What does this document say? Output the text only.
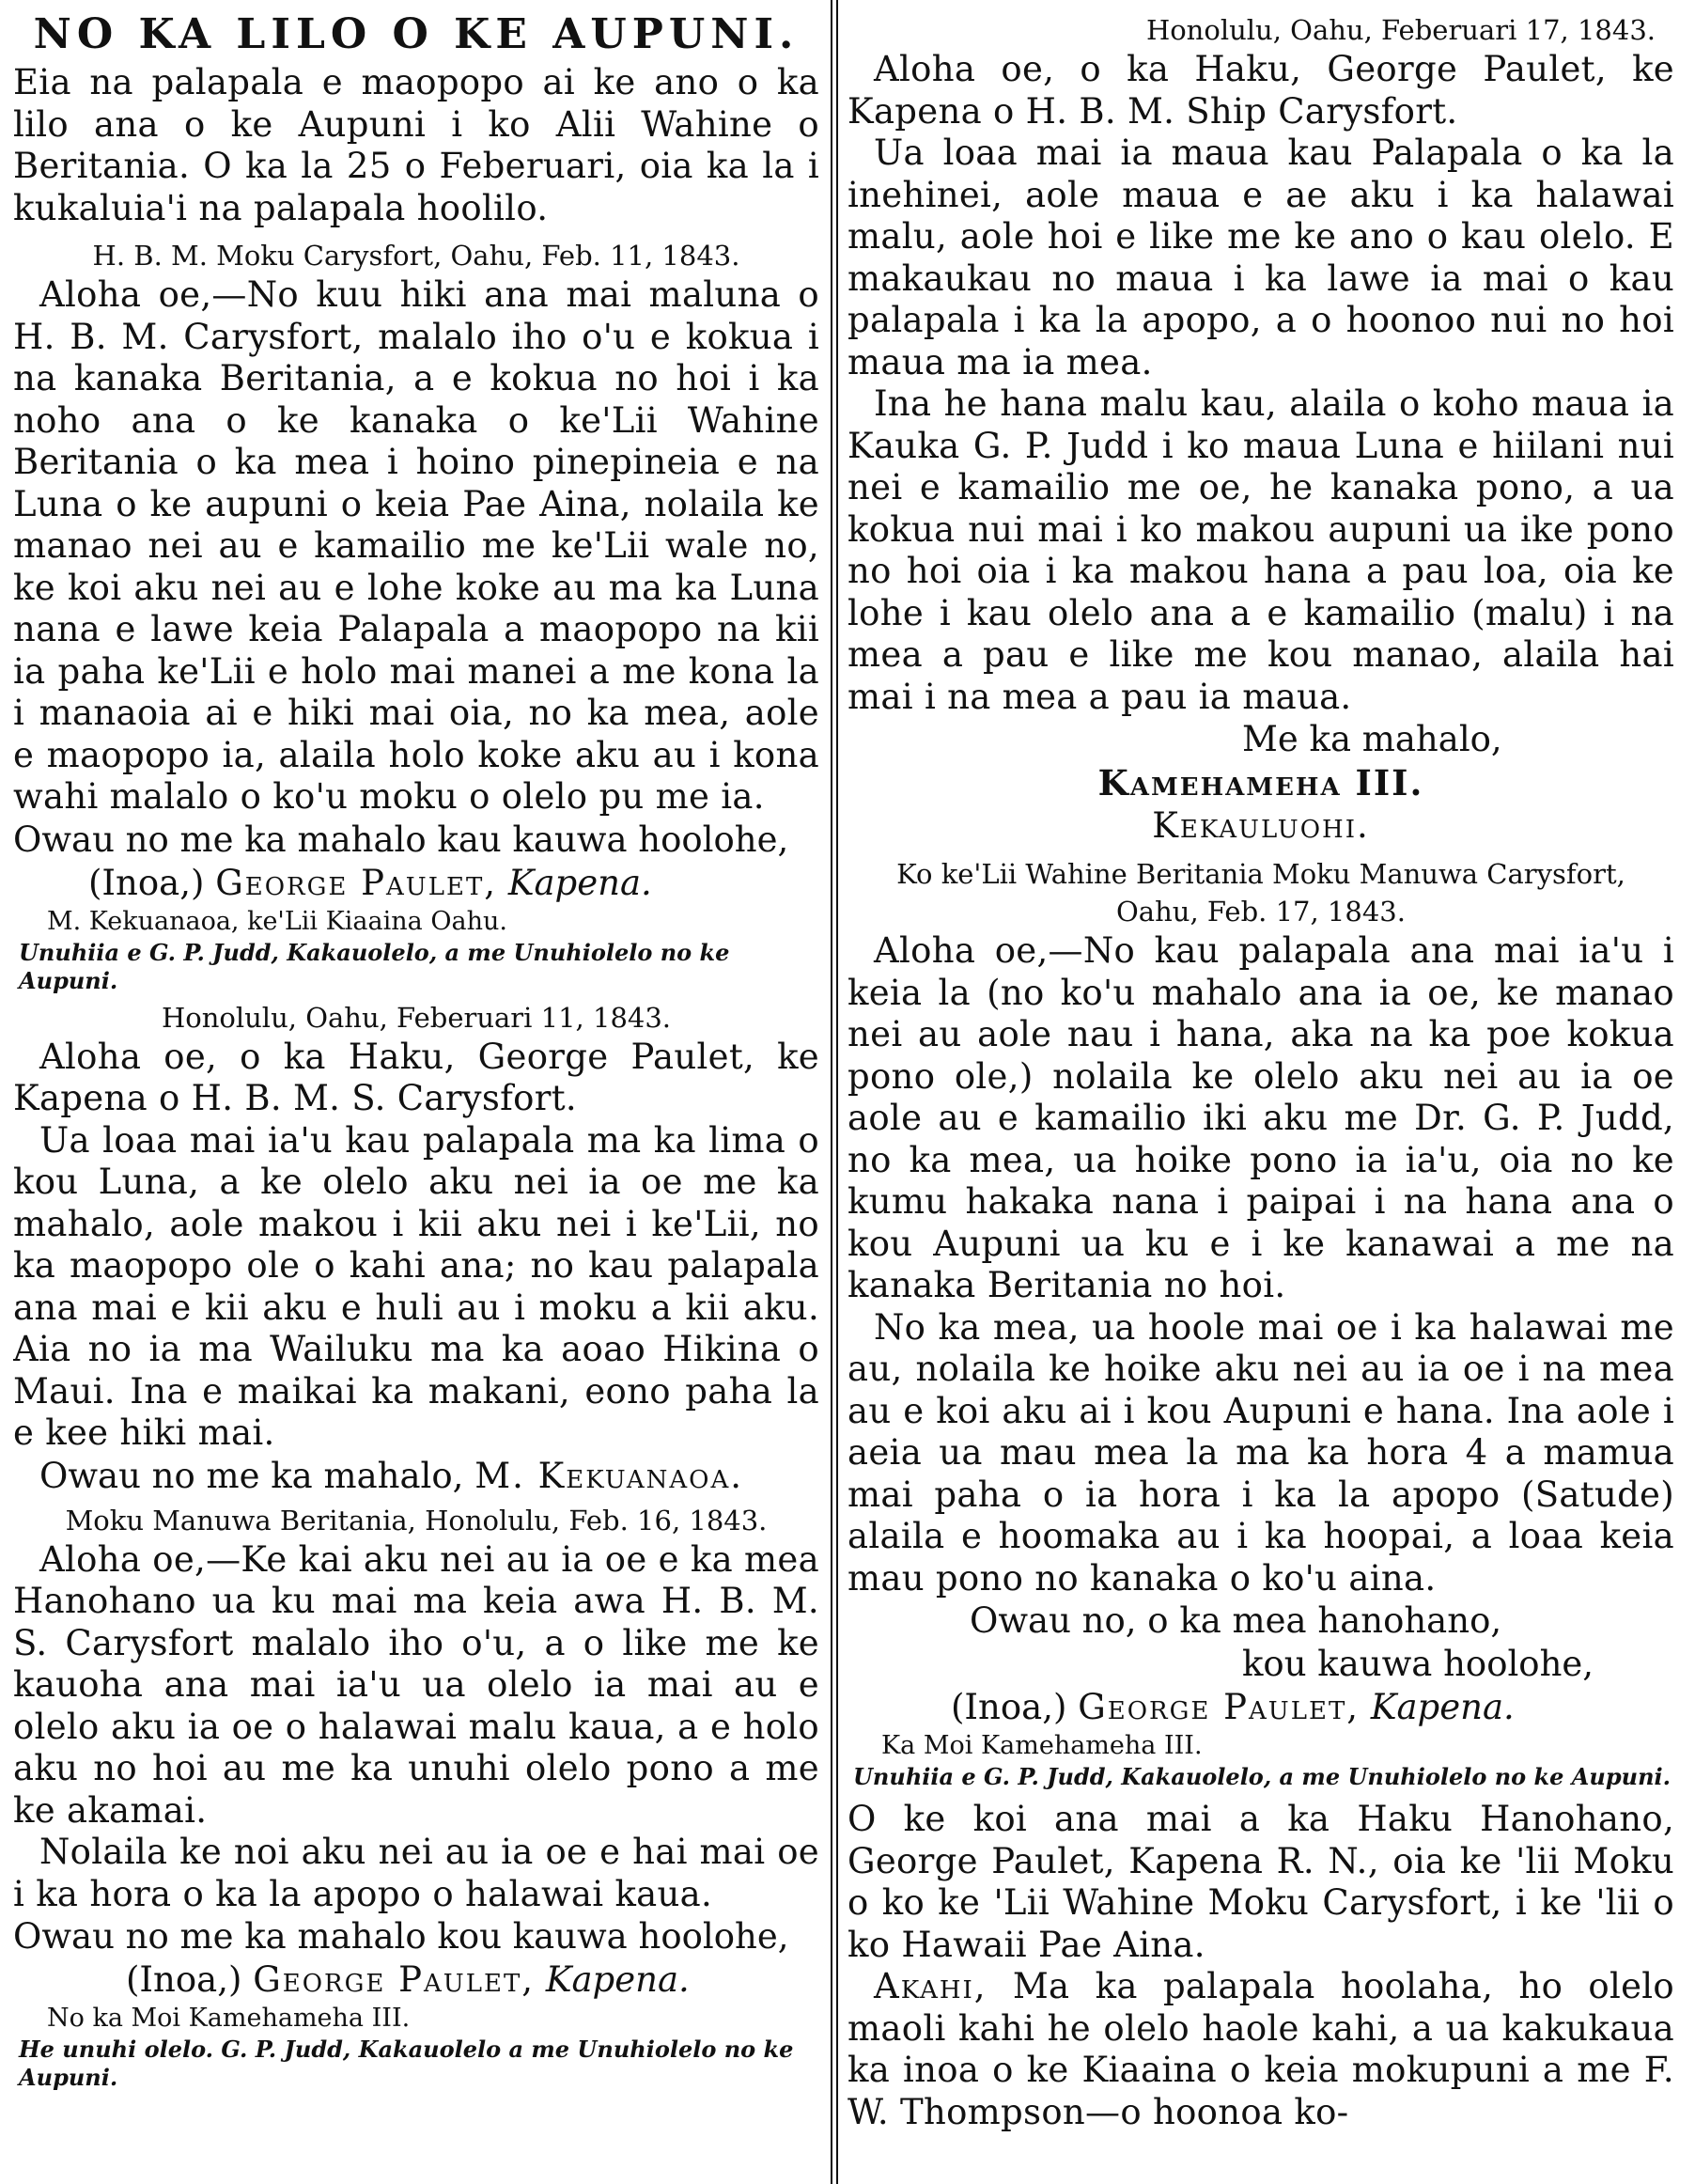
NO KA LILO O KE AUPUNI.

Eia na palapala e maopopo ai ke ano o ka lilo ana o ke Aupuni i ko Alii Wahine o Beritania. O ka la 25 o Feberuari, oia ka la i kukaluia'i na palapala hoolilo.

H. B. M. Moku Carysfort, Oahu, Feb. 11, 1843.

Aloha oe,—No kuu hiki ana mai maluna o H. B. M. Carysfort, malalo iho o'u e kokua i na kanaka Beritania, a e kokua no hoi i ka noho ana o ke kanaka o ke'Lii Wahine Beritania o ka mea i hoino pinepineia e na Luna o ke aupuni o keia Pae Aina, nolaila ke manao nei au e kamailio me ke'Lii wale no, ke koi aku nei au e lohe koke au ma ka Luna nana e lawe keia Palapala a maopopo na kii ia paha ke'Lii e holo mai manei a me kona la i manaoia ai e hiki mai oia, no ka mea, aole e maopopo ia, alaila holo koke aku au i kona wahi malalo o ko'u moku o olelo pu me ia.

Owau no me ka mahalo kau kauwa hoolohe,

(Inoa,) George Paulet, Kapena.

M. Kekuanaoa, ke'Lii Kiaaina Oahu.

Unuhiia e G. P. Judd, Kakauolelo, a me Unuhiolelo no ke Aupuni.

Honolulu, Oahu, Feberuari 11, 1843.

Aloha oe, o ka Haku, George Paulet, ke Kapena o H. B. M. S. Carysfort.

Ua loaa mai ia'u kau palapala ma ka lima o kou Luna, a ke olelo aku nei ia oe me ka mahalo, aole makou i kii aku nei i ke'Lii, no ka maopopo ole o kahi ana; no kau palapala ana mai e kii aku e huli au i moku a kii aku. Aia no ia ma Wailuku ma ka aoao Hikina o Maui. Ina e maikai ka makani, eono paha la e kee hiki mai.

Owau no me ka mahalo, M. Kekuanaoa.

Moku Manuwa Beritania, Honolulu, Feb. 16, 1843.

Aloha oe,—Ke kai aku nei au ia oe e ka mea Hanohano ua ku mai ma keia awa H. B. M. S. Carysfort malalo iho o'u, a o like me ke kauoha ana mai ia'u ua olelo ia mai au e olelo aku ia oe o halawai malu kaua, a e holo aku no hoi au me ka unuhi olelo pono a me ke akamai.

Nolaila ke noi aku nei au ia oe e hai mai oe i ka hora o ka la apopo o halawai kaua.

Owau no me ka mahalo kou kauwa hoolohe,

(Inoa,) George Paulet, Kapena.

No ka Moi Kamehameha III.

He unuhi olelo. G. P. Judd, Kakauolelo a me Unuhiolelo no ke Aupuni.

Honolulu, Oahu, Feberuari 17, 1843.

Aloha oe, o ka Haku, George Paulet, ke Kapena o H. B. M. Ship Carysfort.

Ua loaa mai ia maua kau Palapala o ka la inehinei, aole maua e ae aku i ka halawai malu, aole hoi e like me ke ano o kau olelo. E makaukau no maua i ka lawe ia mai o kau palapala i ka la apopo, a o hoonoo nui no hoi maua ma ia mea.

Ina he hana malu kau, alaila o koho maua ia Kauka G. P. Judd i ko maua Luna e hiilani nui nei e kamailio me oe, he kanaka pono, a ua kokua nui mai i ko makou aupuni ua ike pono no hoi oia i ka makou hana a pau loa, oia ke lohe i kau olelo ana a e kamailio (malu) i na mea a pau e like me kou manao, alaila hai mai i na mea a pau ia maua.

Me ka mahalo,

Kamehameha III.

Kekauluohi.

Ko ke'Lii Wahine Beritania Moku Manuwa Carysfort, Oahu, Feb. 17, 1843.

Aloha oe,—No kau palapala ana mai ia'u i keia la (no ko'u mahalo ana ia oe, ke manao nei au aole nau i hana, aka na ka poe kokua pono ole,) nolaila ke olelo aku nei au ia oe aole au e kamailio iki aku me Dr. G. P. Judd, no ka mea, ua hoike pono ia ia'u, oia no ke kumu hakaka nana i paipai i na hana ana o kou Aupuni ua ku e i ke kanawai a me na kanaka Beritania no hoi.

No ka mea, ua hoole mai oe i ka halawai me au, nolaila ke hoike aku nei au ia oe i na mea au e koi aku ai i kou Aupuni e hana. Ina aole i aeia ua mau mea la ma ka hora 4 a mamua mai paha o ia hora i ka la apopo (Satude) alaila e hoomaka au i ka hoopai, a loaa keia mau pono no kanaka o ko'u aina.

Owau no, o ka mea hanohano,

kou kauwa hoolohe,

(Inoa,) George Paulet, Kapena.

Ka Moi Kamehameha III.

Unuhiia e G. P. Judd, Kakauolelo, a me Unuhiolelo no ke Aupuni.

O ke koi ana mai a ka Haku Hanohano, George Paulet, Kapena R. N., oia ke 'lii Moku o ko ke 'Lii Wahine Moku Carysfort, i ke 'lii o ko Hawaii Pae Aina.

Akahi, Ma ka palapala hoolaha, ho olelo maoli kahi he olelo haole kahi, a ua kakukaua ka inoa o ke Kiaaina o keia mokupuni a me F. W. Thompson—o hoonoa ko-
